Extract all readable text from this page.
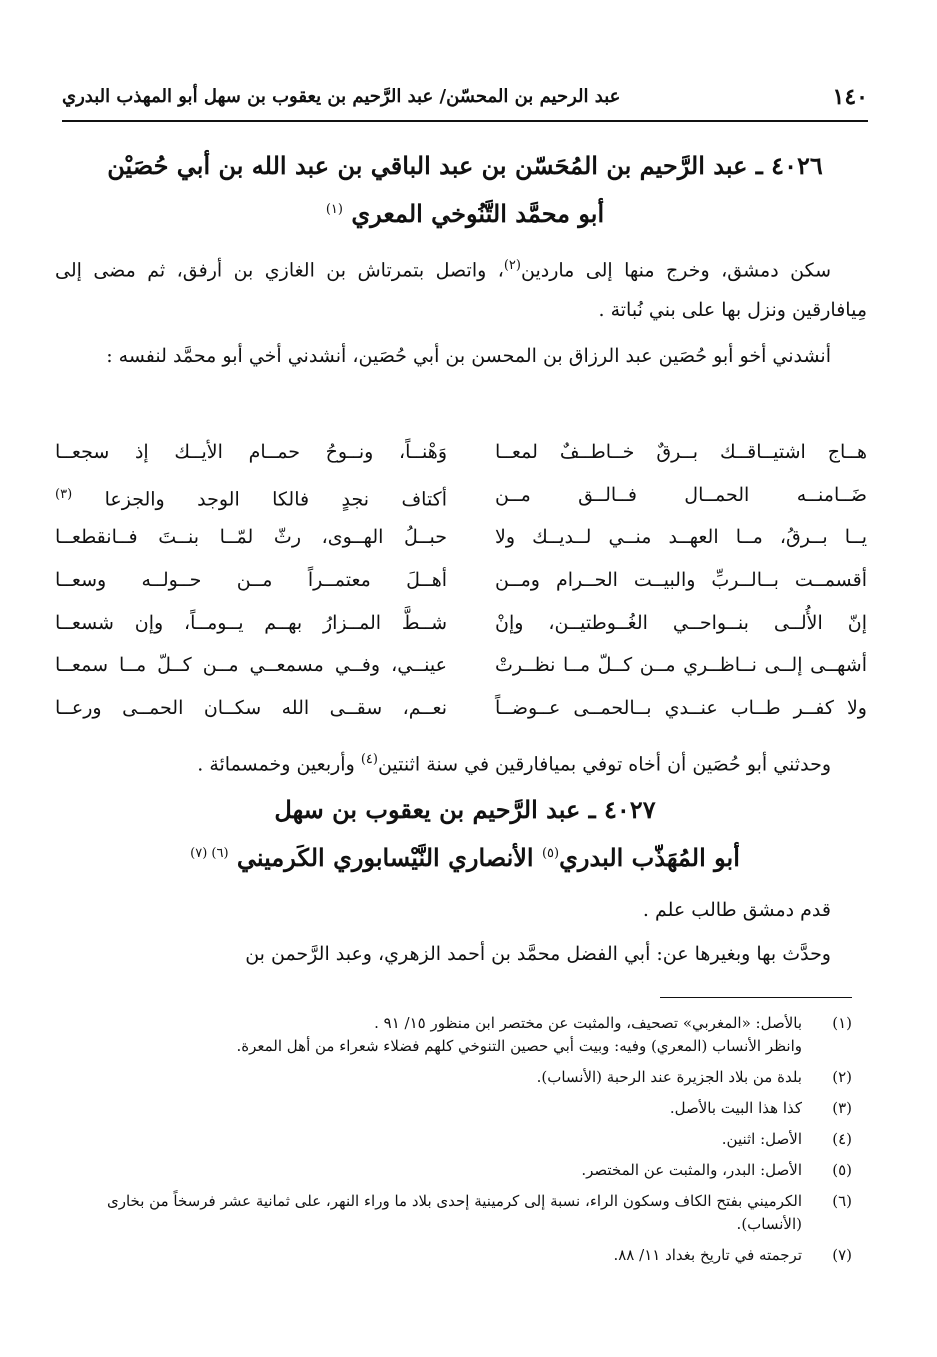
١٤٠
عبد الرحيم بن المحسّن/ عبد الرَّحيم بن يعقوب بن سهل أبو المهذب البدري
٤٠٢٦ ـ عبد الرَّحيم بن المُحَسّن بن عبد الباقي بن عبد الله بن أبي حُصَيْن
أبو محمَّد التَّنُوخي المعري $^{(١)}$
سكن دمشق، وخرج منها إلى ماردين$^{(٢)}$، واتصل بتمرتاش بن الغازي بن أرفق، ثم مضى إلى مِيافارقين ونزل بها على بني نُباتة .
أنشدني أخو أبو حُصَين عبد الرزاق بن المحسن بن أبي حُصَين، أنشدني أخي أبو محمَّد لنفسه :
هــاج اشتيــاقــك بــرقٌ خــاطــفٌ لمعــا
وَهْنــاً، ونــوحُ حمــام الأيــك إذ سجعــا
ضَــامنــه الحمــال فــالــق مــن
أكتاف نجدٍ فالكا الوجد والجزعا $^{(٣)}$
يــا بــرقُ، مــا العهــد منــي لــديــك ولا
حبــلُ الهــوى، رثّ لمّــا بنــتَ فــانقطعــا
أقسمــت بــالــربِّ والبيــت الحــرام ومــن
أهــلَ معتمــراً مــن حــولــه وسعــا
إنّ الأُلــى بنــواحــي الغُــوطتيــن، وإنْ
شــطَّ المــزارُ بهــم يــومــاً، وإن شسعــا
أشهــى إلــى نــاظــري مــن كــلّ مــا نظــرتْ
عينــي، وفــي مسمعــي مــن كــلّ مــا سمعــا
ولا كفــر طــاب عنــدي بــالحمــى عــوضــاً
نعــم، سقــى الله سكــان الحمــى ورعــا
وحدثني أبو حُصَين أن أخاه توفي بميافارقين في سنة اثنتين$^{(٤)}$ وأربعين وخمسمائة .
٤٠٢٧ ـ عبد الرَّحيم بن يعقوب بن سهل
أبو المُهَذّب البدري$^{(٥)}$ الأنصاري النَّيْسابوري الكَرميني $^{(٦) (٧)}$
قدم دمشق طالب علم .
وحدَّث بها وبغيرها عن: أبي الفضل محمَّد بن أحمد الزهري، وعبد الرَّحمن بن
(١)
بالأصل: «المغربي» تصحيف، والمثبت عن مختصر ابن منظور ١٥/ ٩١ .
وانظر الأنساب (المعري) وفيه: وبيت أبي حصين التنوخي كلهم فضلاء شعراء من أهل المعرة.
(٢)
بلدة من بلاد الجزيرة عند الرحبة (الأنساب).
(٣)
كذا هذا البيت بالأصل.
(٤)
الأصل: اثنين.
(٥)
الأصل: البدر، والمثبت عن المختصر.
(٦)
الكرميني بفتح الكاف وسكون الراء، نسبة إلى كرمينية إحدى بلاد ما وراء النهر، على ثمانية عشر فرسخاً من بخارى (الأنساب).
(٧)
ترجمته في تاريخ بغداد ١١/ ٨٨.
